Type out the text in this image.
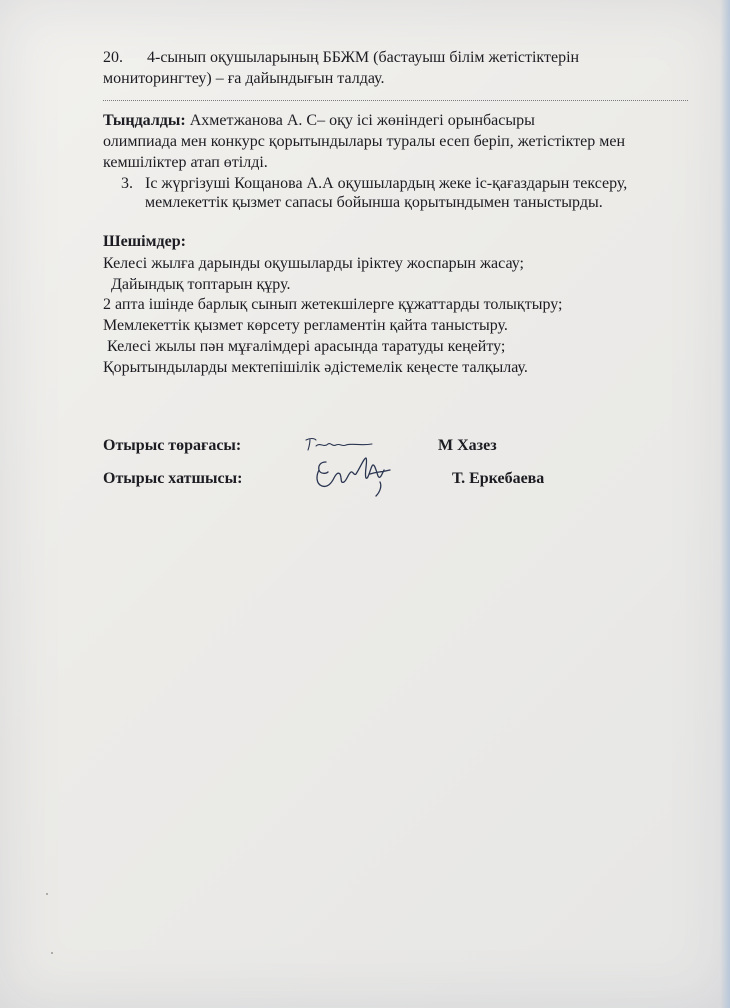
20. 4-сынып оқушыларының ББЖМ (бастауыш білім жетістіктерін
мониторингтеу) – ға дайындығын талдау.
Тыңдалды: Ахметжанова А. С– оқу ісі жөніндегі орынбасыры
олимпиада мен конкурс қорытындылары туралы есеп беріп, жетістіктер мен
кемшіліктер атап өтілді.
3. Іс жүргізуші Кощанова А.А оқушылардың жеке іс-қағаздарын тексеру,
мемлекеттік қызмет сапасы бойынша қорытындымен таныстырды.
Шешімдер:
Келесі жылға дарынды оқушыларды іріктеу жоспарын жасау;
Дайындық топтарын құру.
2 апта ішінде барлық сынып жетекшілерге құжаттарды толықтыру;
Мемлекеттік қызмет көрсету регламентін қайта таныстыру.
Келесі жылы пән мұғалімдері арасында таратуды кеңейту;
Қорытындыларды мектепішілік әдістемелік кеңесте талқылау.
Отырыс төрағасы:	М Хазез
Отырыс хатшысы:	Т. Еркебаева
